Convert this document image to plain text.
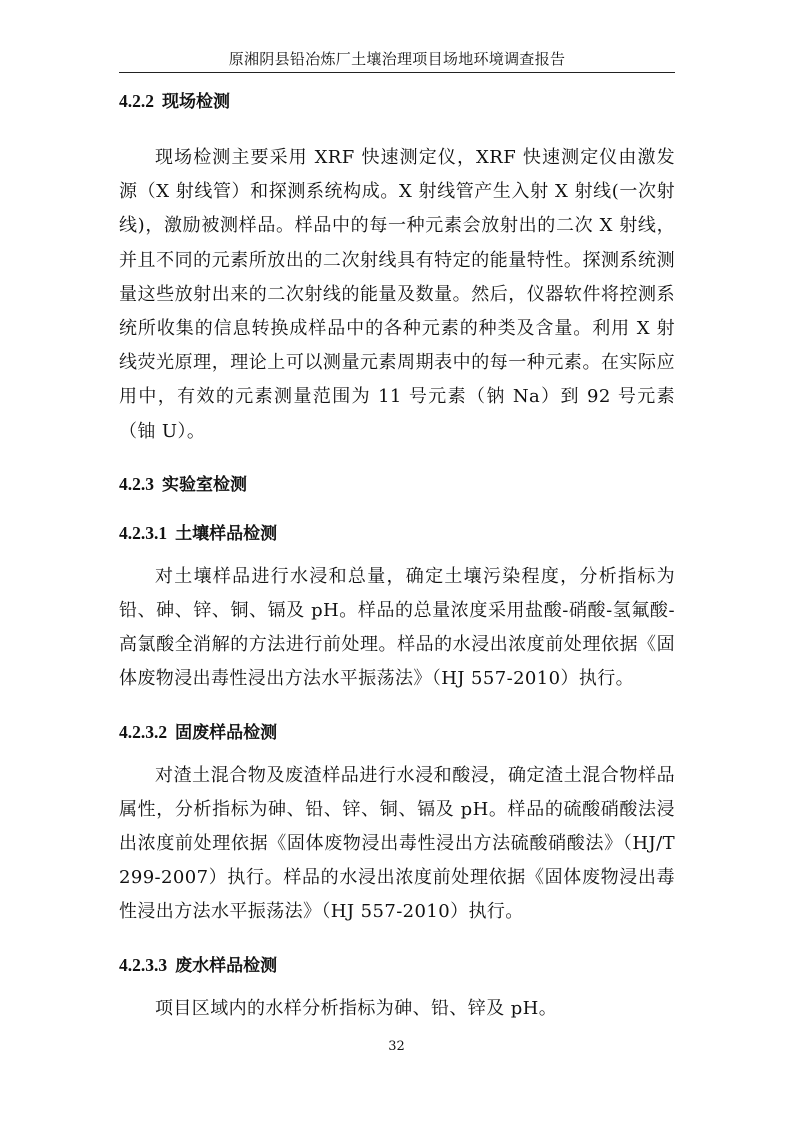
原湘阴县铅冶炼厂土壤治理项目场地环境调查报告
4.2.2 现场检测

现场检测主要采用 XRF 快速测定仪，XRF 快速测定仪由激发源（X 射线管）和探测系统构成。X 射线管产生入射 X 射线(一次射线)，激励被测样品。样品中的每一种元素会放射出的二次 X 射线，并且不同的元素所放出的二次射线具有特定的能量特性。探测系统测量这些放射出来的二次射线的能量及数量。然后，仪器软件将控测系统所收集的信息转换成样品中的各种元素的种类及含量。利用 X 射线荧光原理，理论上可以测量元素周期表中的每一种元素。在实际应用中，有效的元素测量范围为 11 号元素（钠 Na）到 92 号元素（铀 U）。

4.2.3 实验室检测
4.2.3.1 土壤样品检测

对土壤样品进行水浸和总量，确定土壤污染程度，分析指标为铅、砷、锌、铜、镉及 pH。样品的总量浓度采用盐酸-硝酸-氢氟酸-高氯酸全消解的方法进行前处理。样品的水浸出浓度前处理依据《固体废物浸出毒性浸出方法水平振荡法》（HJ 557-2010）执行。

4.2.3.2 固废样品检测

对渣土混合物及废渣样品进行水浸和酸浸，确定渣土混合物样品属性，分析指标为砷、铅、锌、铜、镉及 pH。样品的硫酸硝酸法浸出浓度前处理依据《固体废物浸出毒性浸出方法硫酸硝酸法》（HJ/T 299-2007）执行。样品的水浸出浓度前处理依据《固体废物浸出毒性浸出方法水平振荡法》（HJ 557-2010）执行。

4.2.3.3 废水样品检测

项目区域内的水样分析指标为砷、铅、锌及 pH。

32
